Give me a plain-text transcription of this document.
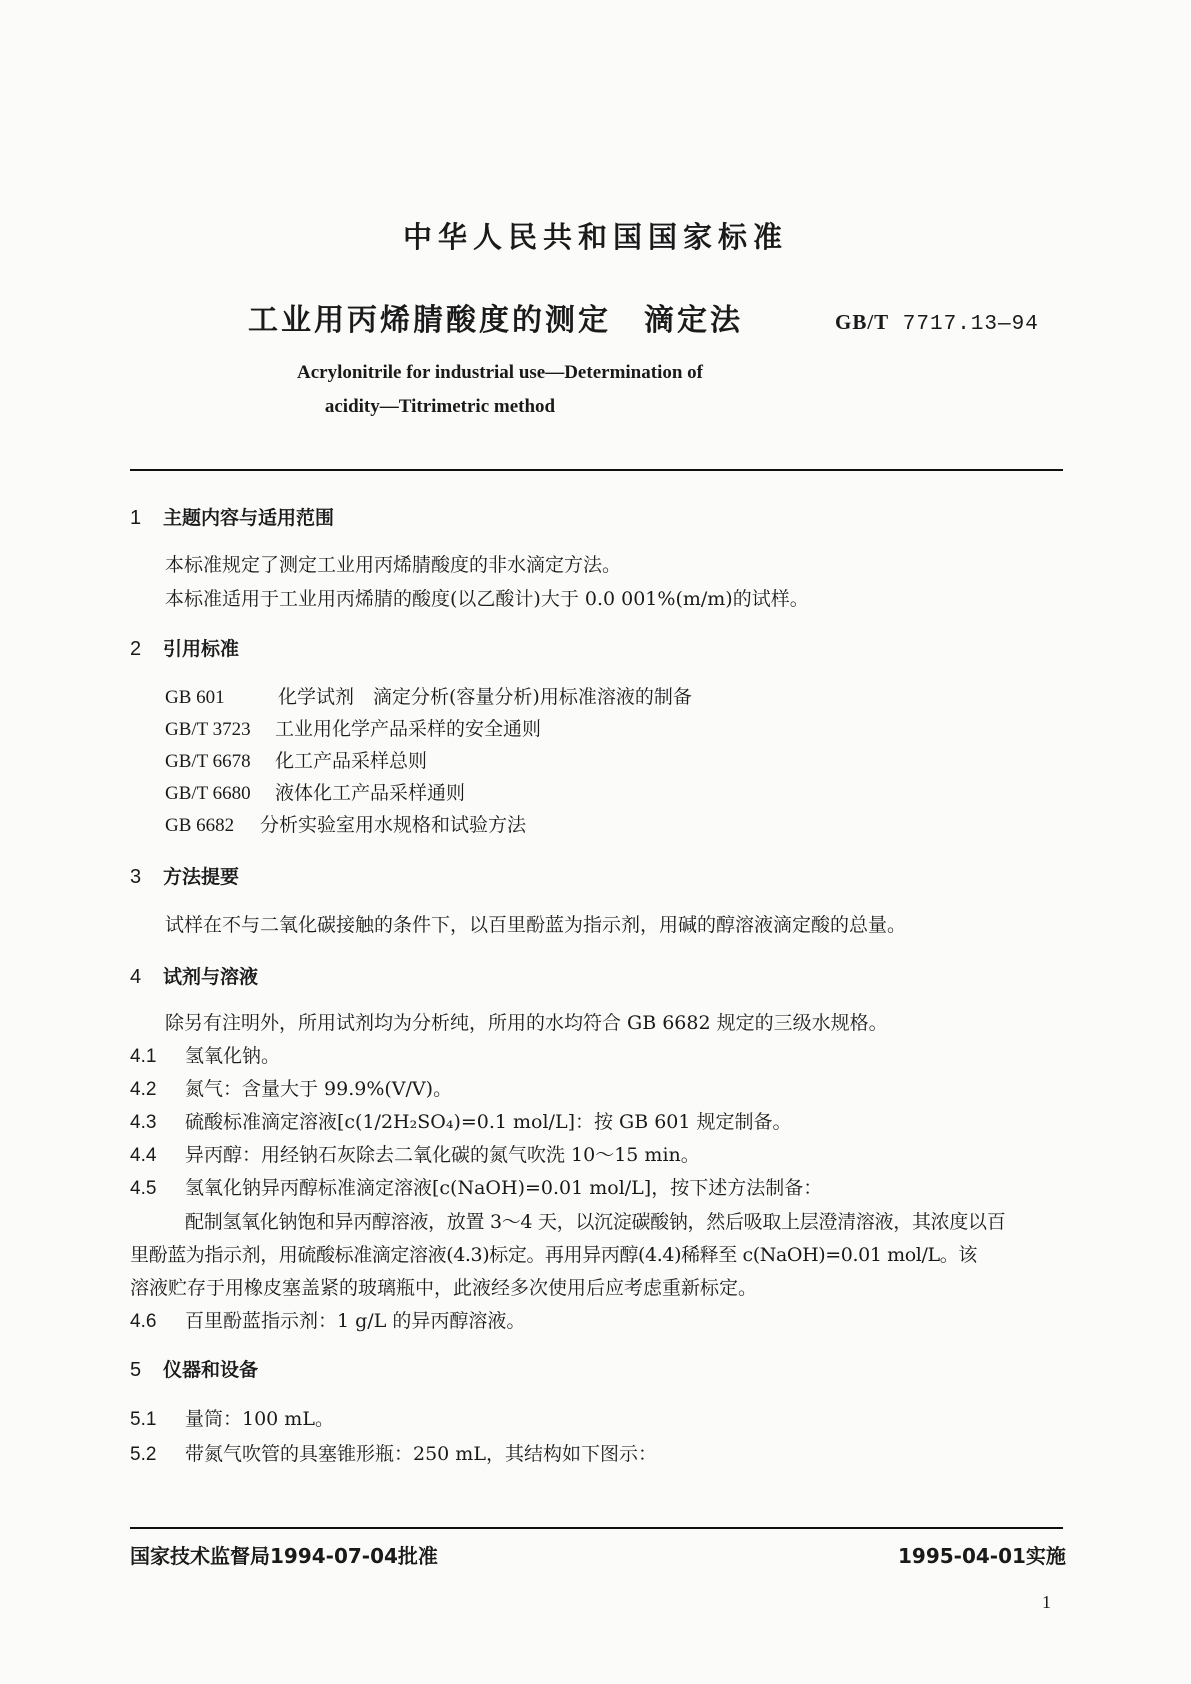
中华人民共和国国家标准
工业用丙烯腈酸度的测定　滴定法	GB/T 7717.13—94
Acrylonitrile for industrial use—Determination of
acidity—Titrimetric method
1 主题内容与适用范围
本标准规定了测定工业用丙烯腈酸度的非水滴定方法。
本标准适用于工业用丙烯腈的酸度(以乙酸计)大于 0.0 001%(m/m)的试样。
2 引用标准
GB 601	化学试剂　滴定分析(容量分析)用标准溶液的制备
GB/T 3723 工业用化学产品采样的安全通则
GB/T 6678 化工产品采样总则
GB/T 6680 液体化工产品采样通则
GB 6682 分析实验室用水规格和试验方法
3 方法提要
试样在不与二氧化碳接触的条件下，以百里酚蓝为指示剂，用碱的醇溶液滴定酸的总量。
4 试剂与溶液
除另有注明外，所用试剂均为分析纯，所用的水均符合 GB 6682 规定的三级水规格。
4.1 氢氧化钠。
4.2 氮气：含量大于 99.9%(V/V)。
4.3 硫酸标准滴定溶液[c(1/2H₂SO₄)=0.1 mol/L]：按 GB 601 规定制备。
4.4 异丙醇：用经钠石灰除去二氧化碳的氮气吹洗 10～15 min。
4.5 氢氧化钠异丙醇标准滴定溶液[c(NaOH)=0.01 mol/L]，按下述方法制备：
配制氢氧化钠饱和异丙醇溶液，放置 3～4 天，以沉淀碳酸钠，然后吸取上层澄清溶液，其浓度以百
里酚蓝为指示剂，用硫酸标准滴定溶液(4.3)标定。再用异丙醇(4.4)稀释至 c(NaOH)=0.01 mol/L。该
溶液贮存于用橡皮塞盖紧的玻璃瓶中，此液经多次使用后应考虑重新标定。
4.6 百里酚蓝指示剂：1 g/L 的异丙醇溶液。
5 仪器和设备
5.1 量筒：100 mL。
5.2 带氮气吹管的具塞锥形瓶：250 mL，其结构如下图示：
国家技术监督局1994-07-04批准	1995-04-01实施
1
